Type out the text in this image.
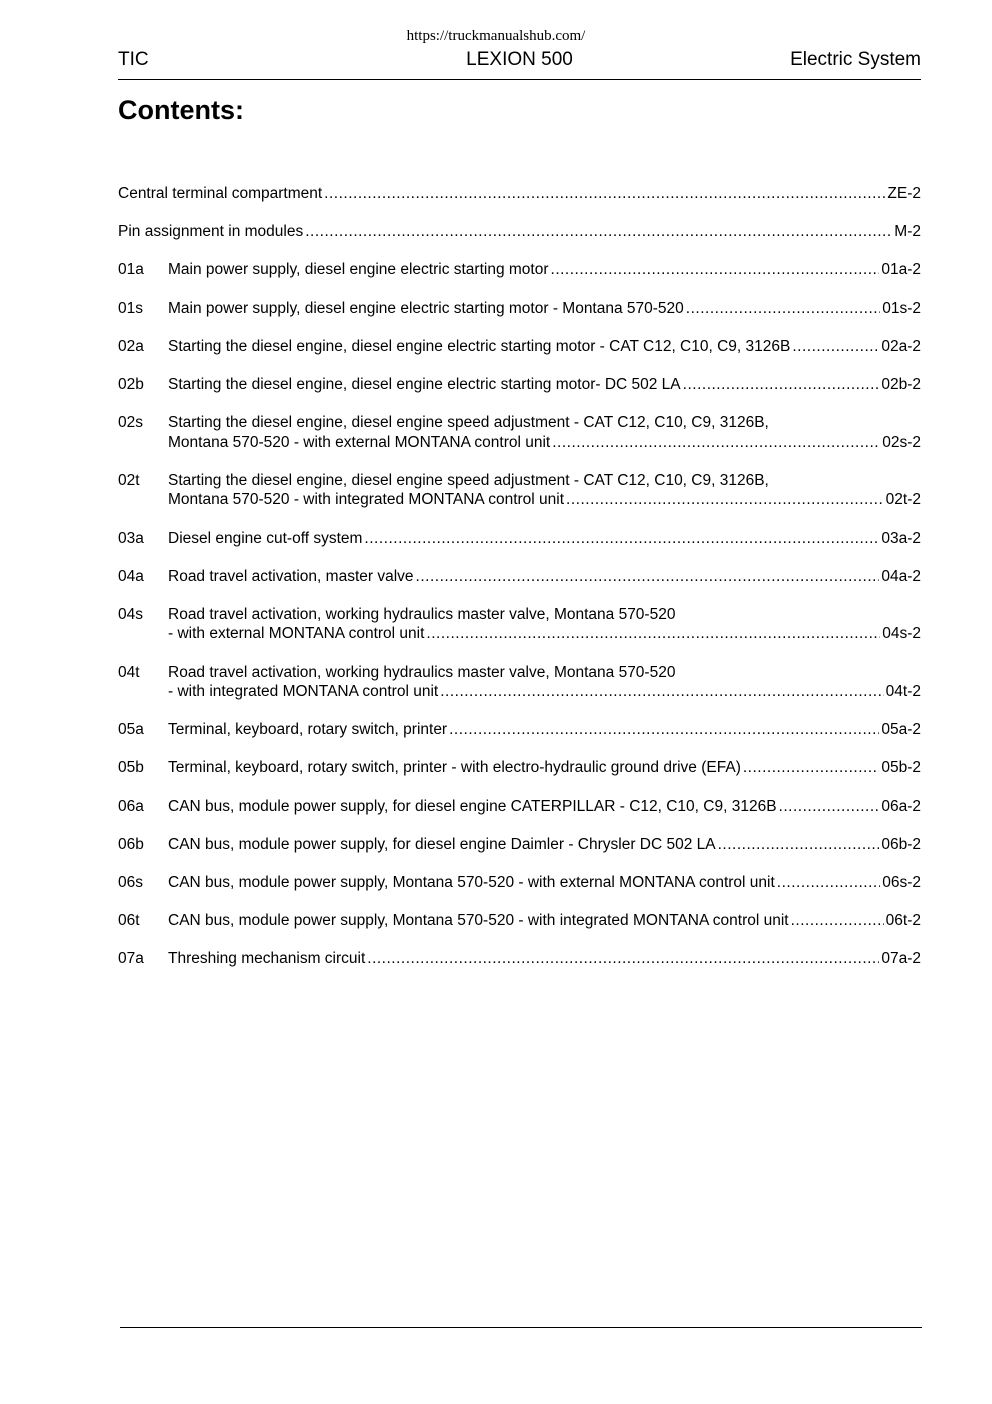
https://truckmanualshub.com/
TIC	LEXION 500	Electric System
Contents:
Central terminal compartment .....	ZE-2
Pin assignment in modules .....	M-2
01a	Main power supply, diesel engine electric starting motor .....	01a-2
01s	Main power supply, diesel engine electric starting motor - Montana 570-520 .....	01s-2
02a	Starting the diesel engine, diesel engine electric starting motor - CAT C12, C10, C9, 3126B .....	02a-2
02b	Starting the diesel engine, diesel engine electric starting motor- DC 502 LA .....	02b-2
02s	Starting the diesel engine, diesel engine speed adjustment - CAT C12, C10, C9, 3126B,
Montana 570-520 - with external MONTANA control unit .....	02s-2
02t	Starting the diesel engine, diesel engine speed adjustment - CAT C12, C10, C9, 3126B,
Montana 570-520 - with integrated MONTANA control unit .....	02t-2
03a	Diesel engine cut-off system .....	03a-2
04a	Road travel activation, master valve .....	04a-2
04s	Road travel activation, working hydraulics master valve, Montana 570-520
- with external MONTANA control unit .....	04s-2
04t	Road travel activation, working hydraulics master valve, Montana 570-520
- with integrated MONTANA control unit .....	04t-2
05a	Terminal, keyboard, rotary switch, printer .....	05a-2
05b	Terminal, keyboard, rotary switch, printer - with electro-hydraulic ground drive (EFA) .....	05b-2
06a	CAN bus, module power supply, for diesel engine CATERPILLAR - C12, C10, C9, 3126B .....	06a-2
06b	CAN bus, module power supply, for diesel engine Daimler - Chrysler DC 502 LA .....	06b-2
06s	CAN bus, module power supply, Montana 570-520 - with external MONTANA control unit .....	06s-2
06t	CAN bus, module power supply, Montana 570-520 - with integrated MONTANA control unit .....	06t-2
07a	Threshing mechanism circuit .....	07a-2
